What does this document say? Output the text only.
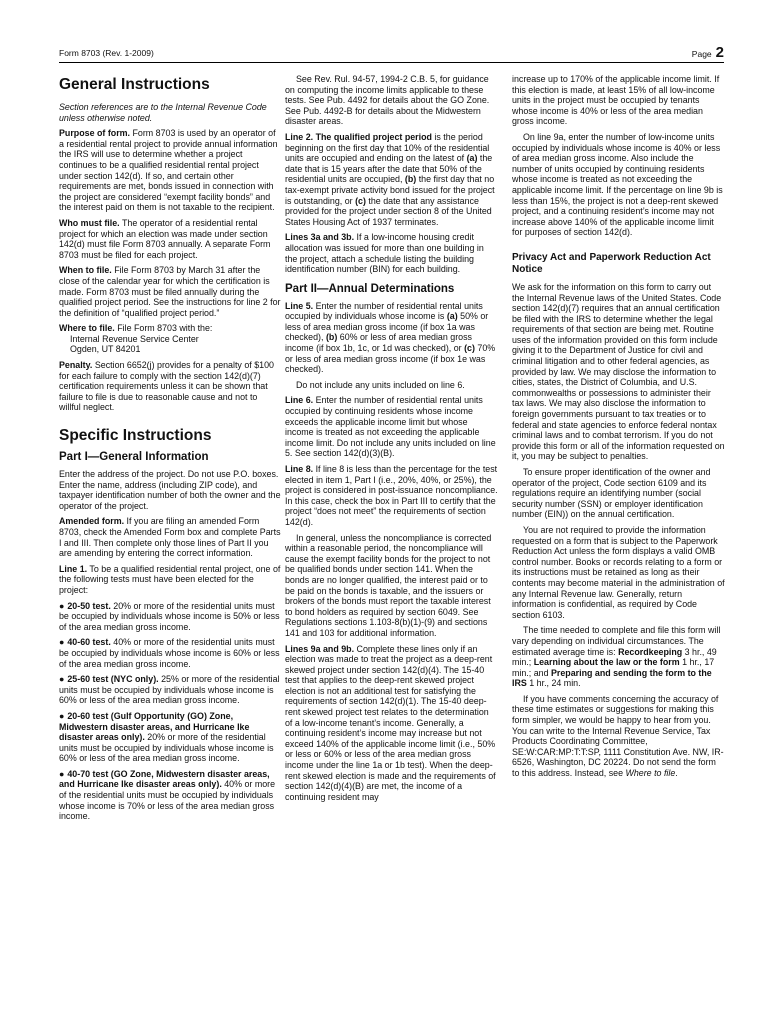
Form 8703 (Rev. 1-2009)	Page 2
General Instructions

Section references are to the Internal Revenue Code unless otherwise noted.

Purpose of form. Form 8703 is used by an operator of a residential rental project to provide annual information the IRS will use to determine whether a project continues to be a qualified residential rental project under section 142(d). If so, and certain other requirements are met, bonds issued in connection with the project are considered “exempt facility bonds” and the interest paid on them is not taxable to the recipient.

Who must file. The operator of a residential rental project for which an election was made under section 142(d) must file Form 8703 annually. A separate Form 8703 must be filed for each project.

When to file. File Form 8703 by March 31 after the close of the calendar year for which the certification is made. Form 8703 must be filed annually during the qualified project period. See the instructions for line 2 for the definition of “qualified project period.”

Where to file. File Form 8703 with the:
Internal Revenue Service Center
Ogden, UT 84201

Penalty. Section 6652(j) provides for a penalty of $100 for each failure to comply with the section 142(d)(7) certification requirements unless it can be shown that failure to file is due to reasonable cause and not to willful neglect.

Specific Instructions
Part I—General Information

Enter the address of the project. Do not use P.O. boxes. Enter the name, address (including ZIP code), and taxpayer identification number of both the owner and the operator of the project.

Amended form. If you are filing an amended Form 8703, check the Amended Form box and complete Parts I and III. Then complete only those lines of Part II you are amending by entering the correct information.

Line 1. To be a qualified residential rental project, one of the following tests must have been elected for the project:

● 20-50 test. 20% or more of the residential units must be occupied by individuals whose income is 50% or less of the area median gross income.

● 40-60 test. 40% or more of the residential units must be occupied by individuals whose income is 60% or less of the area median gross income.

● 25-60 test (NYC only). 25% or more of the residential units must be occupied by individuals whose income is 60% or less of the area median gross income.

● 20-60 test (Gulf Opportunity (GO) Zone, Midwestern disaster areas, and Hurricane Ike disaster areas only). 20% or more of the residential units must be occupied by individuals whose income is 60% or less of the area median gross income.

● 40-70 test (GO Zone, Midwestern disaster areas, and Hurricane Ike disaster areas only). 40% or more of the residential units must be occupied by individuals whose income is 70% or less of the area median gross income.

See Rev. Rul. 94-57, 1994-2 C.B. 5, for guidance on computing the income limits applicable to these tests. See Pub. 4492 for details about the GO Zone. See Pub. 4492-B for details about the Midwestern disaster areas.

Line 2. The qualified project period is the period beginning on the first day that 10% of the residential units are occupied and ending on the latest of (a) the date that is 15 years after the date that 50% of the residential units are occupied, (b) the first day that no tax-exempt private activity bond issued for the project is outstanding, or (c) the date that any assistance provided for the project under section 8 of the United States Housing Act of 1937 terminates.

Lines 3a and 3b. If a low-income housing credit allocation was issued for more than one building in the project, attach a schedule listing the building identification number (BIN) for each building.

Part II—Annual Determinations

Line 5. Enter the number of residential rental units occupied by individuals whose income is (a) 50% or less of area median gross income (if box 1a was checked), (b) 60% or less of area median gross income (if box 1b, 1c, or 1d was checked), or (c) 70% or less of area median gross income (if box 1e was checked).

Do not include any units included on line 6.

Line 6. Enter the number of residential rental units occupied by continuing residents whose income exceeds the applicable income limit but whose income is treated as not exceeding the applicable income limit. Do not include any units included on line 5. See section 142(d)(3)(B).

Line 8. If line 8 is less than the percentage for the test elected in item 1, Part I (i.e., 20%, 40%, or 25%), the project is considered in post-issuance noncompliance. In this case, check the box in Part III to certify that the project “does not meet” the requirements of section 142(d).

In general, unless the noncompliance is corrected within a reasonable period, the noncompliance will cause the exempt facility bonds for the project to not be qualified bonds under section 141. When the bonds are no longer qualified, the interest paid or to be paid on the bonds is taxable, and the issuers or brokers of the bonds must report the taxable interest to bond holders as required by section 6049. See Regulations sections 1.103-8(b)(1)-(9) and sections 141 and 103 for additional information.

Lines 9a and 9b. Complete these lines only if an election was made to treat the project as a deep-rent skewed project under section 142(d)(4). The 15-40 test that applies to the deep-rent skewed project election is not an additional test for satisfying the requirements of section 142(d)(1). The 15-40 deep-rent skewed project test relates to the determination of a low-income tenant’s income. Generally, a continuing resident’s income may increase but not exceed 140% of the applicable income limit (i.e., 50% or less or 60% or less of the area median gross income under the line 1a or 1b test). When the deep-rent skewed election is made and the requirements of section 142(d)(4)(B) are met, the income of a continuing resident may

increase up to 170% of the applicable income limit. If this election is made, at least 15% of all low-income units in the project must be occupied by tenants whose income is 40% or less of the area median gross income.

On line 9a, enter the number of low-income units occupied by individuals whose income is 40% or less of area median gross income. Also include the number of units occupied by continuing residents whose income is treated as not exceeding the applicable income limit. If the percentage on line 9b is less than 15%, the project is not a deep-rent skewed project, and a continuing resident’s income may not increase above 140% of the applicable income limit for purposes of section 142(d).

Privacy Act and Paperwork Reduction Act Notice

We ask for the information on this form to carry out the Internal Revenue laws of the United States. Code section 142(d)(7) requires that an annual certification be filed with the IRS to determine whether the legal requirements of that section are being met. Routine uses of the information provided on this form include giving it to the Department of Justice for civil and criminal litigation and to other federal agencies, as provided by law. We may disclose the information to cities, states, the District of Columbia, and U.S. commonwealths or possessions to administer their tax laws. We may also disclose the information to foreign governments pursuant to tax treaties or to federal and state agencies to enforce federal nontax criminal laws and to combat terrorism. If you do not provide this form or all of the information requested on it, you may be subject to penalties.

To ensure proper identification of the owner and operator of the project, Code section 6109 and its regulations require an identifying number (social security number (SSN) or employer identification number (EIN)) on the annual certification.

You are not required to provide the information requested on a form that is subject to the Paperwork Reduction Act unless the form displays a valid OMB control number. Books or records relating to a form or its instructions must be retained as long as their contents may become material in the administration of any Internal Revenue law. Generally, return information is confidential, as required by Code section 6103.

The time needed to complete and file this form will vary depending on individual circumstances. The estimated average time is: Recordkeeping 3 hr., 49 min.; Learning about the law or the form 1 hr., 17 min.; and Preparing and sending the form to the IRS 1 hr., 24 min.

If you have comments concerning the accuracy of these time estimates or suggestions for making this form simpler, we would be happy to hear from you. You can write to the Internal Revenue Service, Tax Products Coordinating Committee, SE:W:CAR:MP:T:T:SP, 1111 Constitution Ave. NW, IR-6526, Washington, DC 20224. Do not send the form to this address. Instead, see Where to file.
